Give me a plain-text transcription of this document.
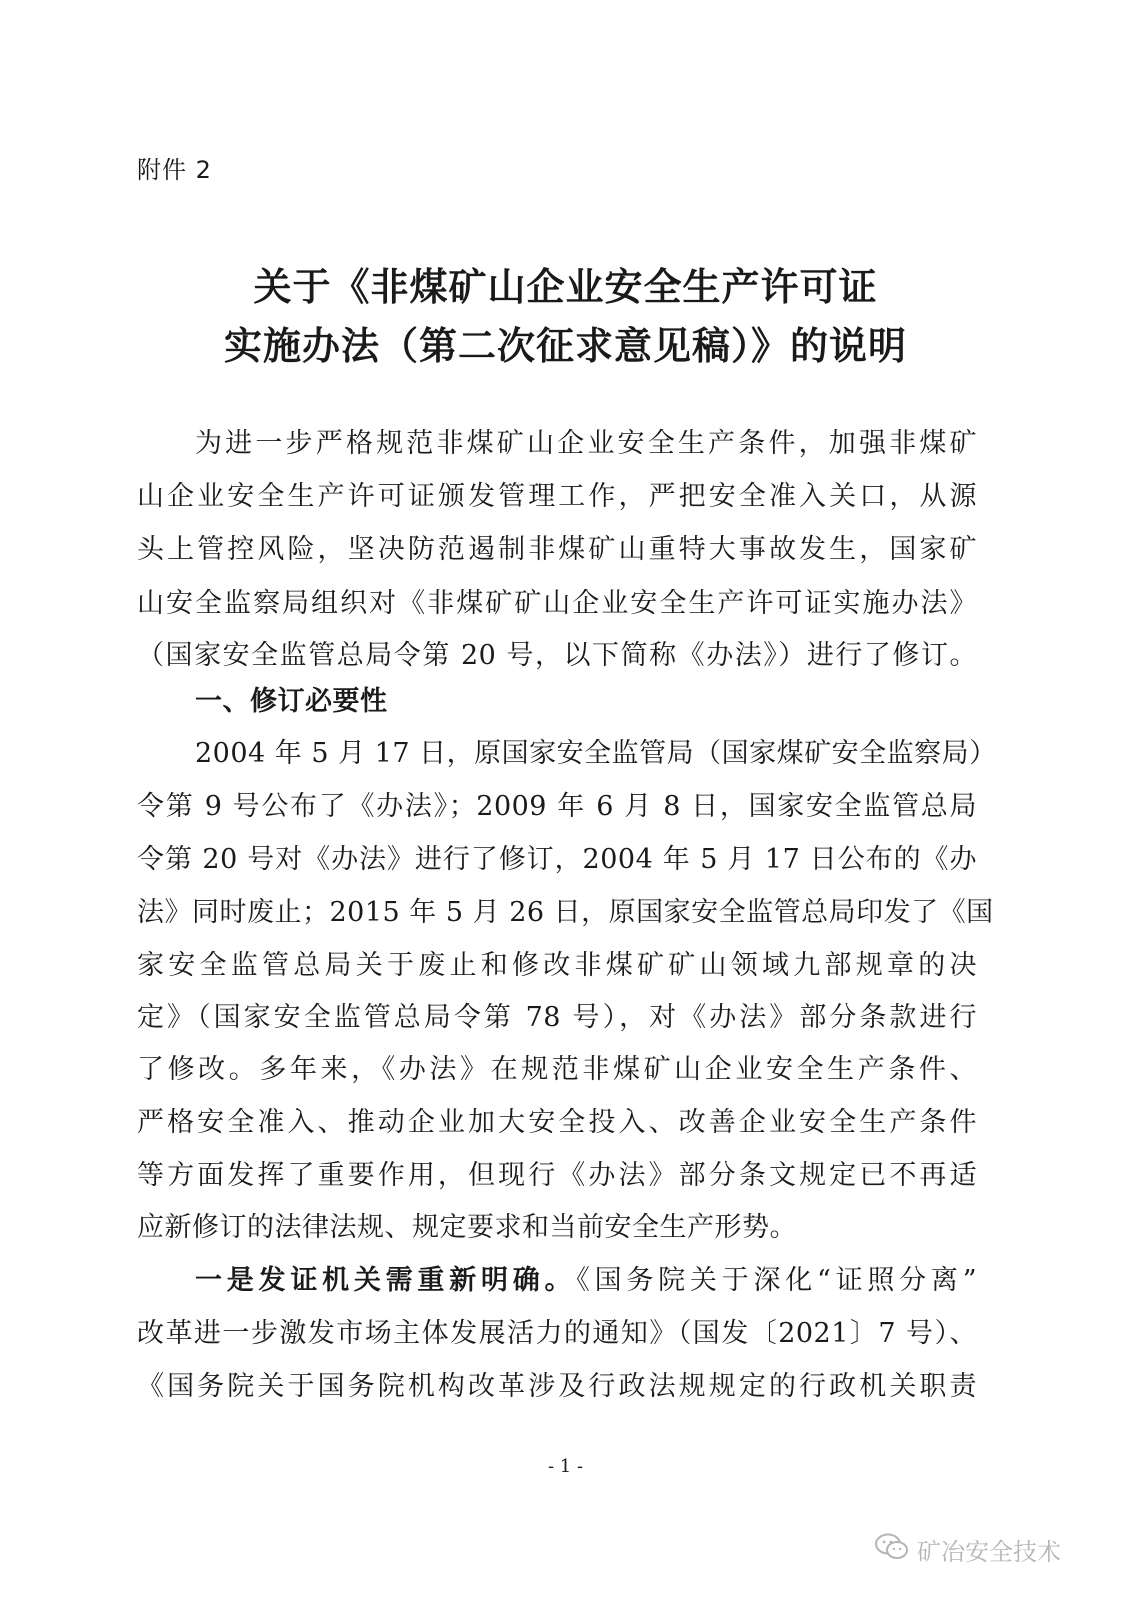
附件 2
关于《非煤矿山企业安全生产许可证
实施办法（第二次征求意见稿）》的说明
为进一步严格规范非煤矿山企业安全生产条件，加强非煤矿
山企业安全生产许可证颁发管理工作，严把安全准入关口，从源
头上管控风险，坚决防范遏制非煤矿山重特大事故发生，国家矿
山安全监察局组织对《非煤矿矿山企业安全生产许可证实施办法》
（国家安全监管总局令第 20 号，以下简称《办法》）进行了修订。
一、修订必要性
2004 年 5 月 17 日，原国家安全监管局（国家煤矿安全监察局）
令第 9 号公布了《办法》；2009 年 6 月 8 日，国家安全监管总局
令第 20 号对《办法》进行了修订，2004 年 5 月 17 日公布的《办
法》同时废止；2015 年 5 月 26 日，原国家安全监管总局印发了《国
家安全监管总局关于废止和修改非煤矿矿山领域九部规章的决
定》（国家安全监管总局令第 78 号），对《办法》部分条款进行
了修改。多年来，《办法》在规范非煤矿山企业安全生产条件、
严格安全准入、推动企业加大安全投入、改善企业安全生产条件
等方面发挥了重要作用，但现行《办法》部分条文规定已不再适
应新修订的法律法规、规定要求和当前安全生产形势。
一是发证机关需重新明确。《国务院关于深化“证照分离”
改革进一步激发市场主体发展活力的通知》（国发〔2021〕7 号）、
《国务院关于国务院机构改革涉及行政法规规定的行政机关职责
- 1 -
矿冶安全技术
